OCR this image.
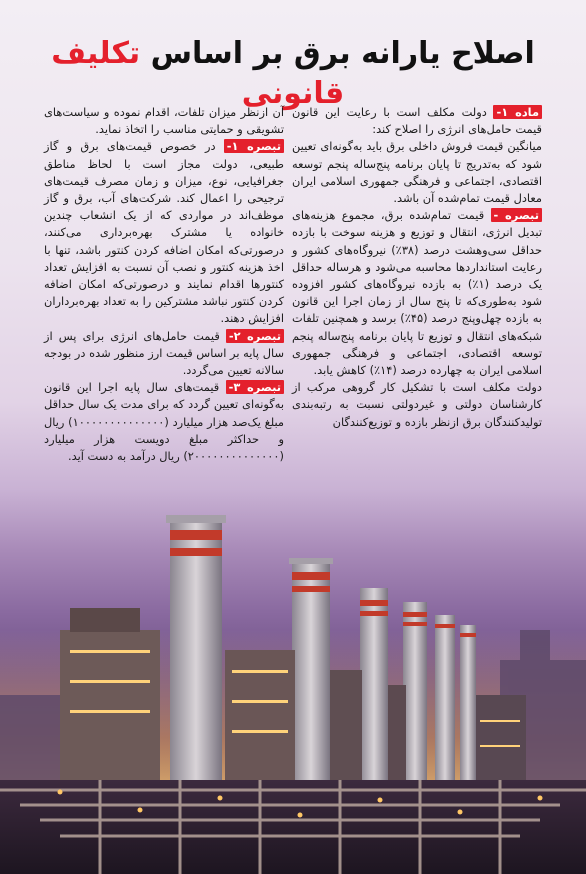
اصلاح یارانه برق بر اساس تکلیف قانونی

ماده ۱- دولت مکلف است با رعایت این قانون قیمت حامل‌های انرژی را اصلاح کند:

میانگین قیمت فروش داخلی برق باید به‌گونه‌ای تعیین شود که به‌تدریج تا پایان برنامه پنج‌ساله پنجم توسعه اقتصادی، اجتماعی و فرهنگی جمهوری اسلامی ایران معادل قیمت تمام‌شده آن باشد.

تبصره - قیمت تمام‌شده برق، مجموع هزینه‌های تبدیل انرژی، انتقال و توزیع و هزینه سوخت با بازده حداقل سی‌وهشت درصد (۳۸٪) نیروگاه‌های کشور و رعایت استانداردها محاسبه می‌شود و هرساله حداقل یک درصد (۱٪) به بازده نیروگاه‌های کشور افزوده شود به‌طوری‌که تا پنج سال از زمان اجرا این قانون به بازده چهل‌وپنج درصد (۴۵٪) برسد و همچنین تلفات شبکه‌های انتقال و توزیع تا پایان برنامه پنج‌ساله پنجم توسعه اقتصادی، اجتماعی و فرهنگی جمهوری اسلامی ایران به چهارده درصد (۱۴٪) کاهش یابد.

دولت مکلف است با تشکیل کار گروهی مرکب از کارشناسان دولتی و غیردولتی نسبت به رتبه‌بندی تولیدکنندگان برق ازنظر بازده و توزیع‌کنندگان

آن ازنظر میزان تلفات، اقدام نموده و سیاست‌های تشویقی و حمایتی مناسب را اتخاذ نماید.

تبصره ۱- در خصوص قیمت‌های برق و گاز طبیعی، دولت مجاز است با لحاظ مناطق جغرافیایی، نوع، میزان و زمان مصرف قیمت‌های ترجیحی را اعمال کند. شرکت‌های آب، برق و گاز موظف‌اند در مواردی که از یک انشعاب چندین خانواده یا مشترک بهره‌برداری می‌کنند، درصورتی‌که امکان اضافه کردن کنتور باشد، تنها با اخذ هزینه کنتور و نصب آن نسبت به افزایش تعداد کنتورها اقدام نمایند و درصورتی‌که امکان اضافه کردن کنتور نباشد مشترکین را به تعداد بهره‌برداران افزایش دهند.

تبصره ۲- قیمت حامل‌های انرژی برای پس از سال پایه بر اساس قیمت ارز منظور شده در بودجه سالانه تعیین می‌گردد.

تبصره ۳- قیمت‌های سال پایه اجرا این قانون به‌گونه‌ای تعیین گردد که برای مدت یک سال حداقل مبلغ یک‌صد هزار میلیارد (۱۰۰۰۰۰۰۰۰۰۰۰۰۰۰) ریال و حداکثر مبلغ دویست هزار میلیارد (۲۰۰۰۰۰۰۰۰۰۰۰۰۰۰) ریال درآمد به دست آید.
